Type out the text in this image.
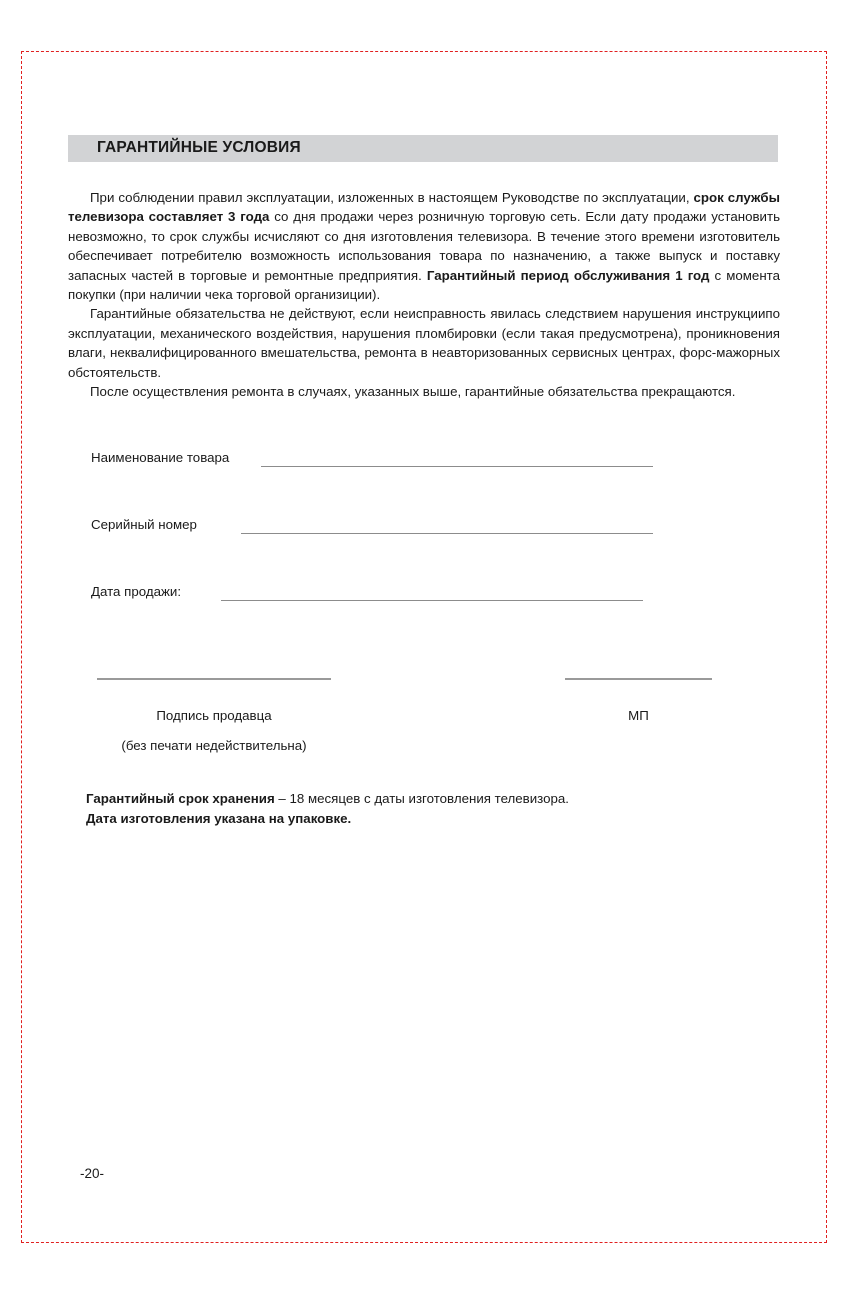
ГАРАНТИЙНЫЕ УСЛОВИЯ

При соблюдении правил эксплуатации, изложенных в настоящем Руководстве по эксплуатации, срок службы телевизора составляет 3 года со дня продажи через розничную торговую сеть. Если дату продажи установить невозможно, то срок службы исчисляют со дня изготовления телевизора. В течение этого времени изготовитель обеспечивает потребителю возможность использования товара по назначению, а также выпуск и поставку запасных частей в торговые и ремонтные предприятия. Гарантийный период обслуживания 1 год с момента покупки (при наличии чека торговой организиции).

Гарантийные обязательства не действуют, если неисправность явилась следствием нарушения инструкциипо эксплуатации, механического воздействия, нарушения пломбировки (если такая предусмотрена), проникновения влаги, неквалифицированного вмешательства, ремонта в неавторизованных сервисных центрах, форс-мажорных обстоятельств.

После осуществления ремонта в случаях, указанных выше, гарантийные обязательства прекращаются.

Наименование товара
Серийный номер
Дата продажи:
Подпись продавца
(без печати недействительна)
МП
Гарантийный срок хранения – 18 месяцев с даты изготовления телевизора.
Дата изготовления указана на упаковке.
-20-
